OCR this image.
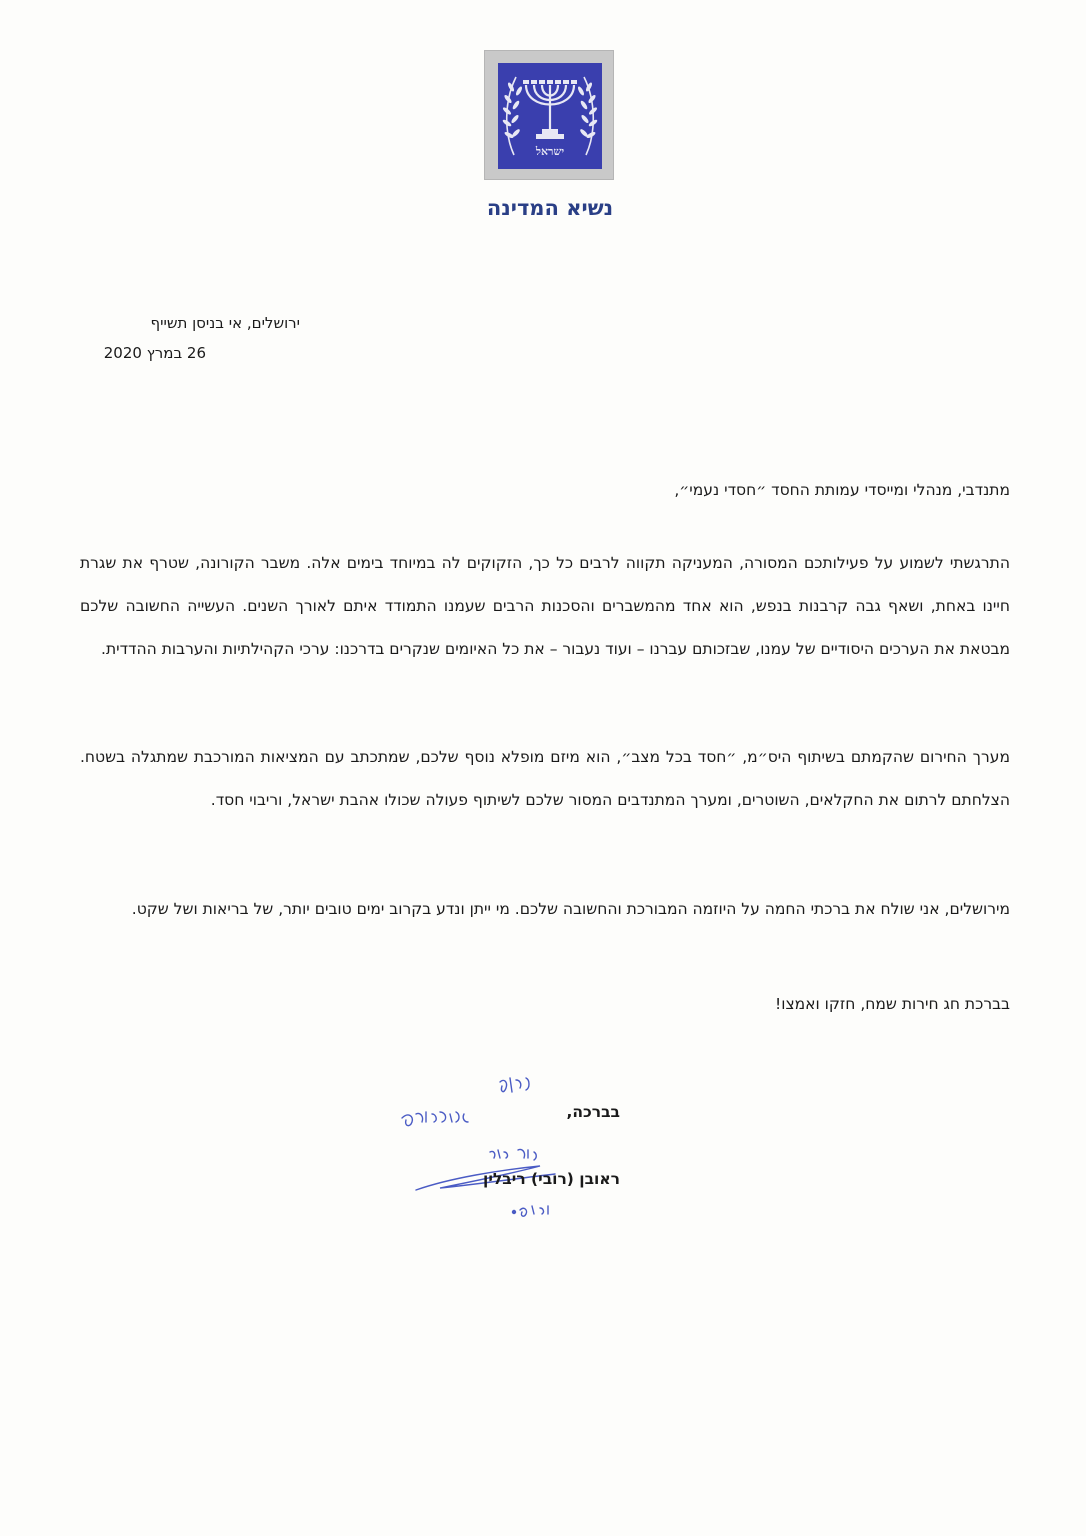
ישראל
נשיא המדינה
ירושלים, אי בניסן תשייף
26 במרץ 2020
מתנדבי, מנהלי ומייסדי עמותת החסד ״חסדי נעמי״,
התרגשתי לשמוע על פעילותכם המסורה, המעניקה תקווה לרבים כל כך, הזקוקים לה במיוחד בימים אלה. משבר הקורונה, שטרף את שגרת חיינו באחת, ושאף גבה קרבנות בנפש, הוא אחד מהמשברים והסכנות הרבים שעמנו התמודד איתם לאורך השנים. העשייה החשובה שלכם מבטאת את הערכים היסודיים של עמנו, שבזכותם עברנו – ועוד נעבור – את כל האיומים שנקרים בדרכנו: ערכי הקהילתיות והערבות ההדדית.
מערך החירום שהקמתם בשיתוף היס״מ, ״חסד בכל מצב״, הוא מיזם מופלא נוסף שלכם, שמתכתב עם המציאות המורכבת שמתגלה בשטח. הצלחתם לרתום את החקלאים, השוטרים, ומערך המתנדבים המסור שלכם לשיתוף פעולה שכולו אהבת ישראל, וריבוי חסד.
מירושלים, אני שולח את ברכתי החמה על היוזמה המבורכת והחשובה שלכם. מי ייתן ונדע בקרוב ימים טובים יותר, של בריאות ושל שקט.
בברכת חג חירות שמח, חזקו ואמצו!
בברכה,
ראובן (רובי) ריבלין
